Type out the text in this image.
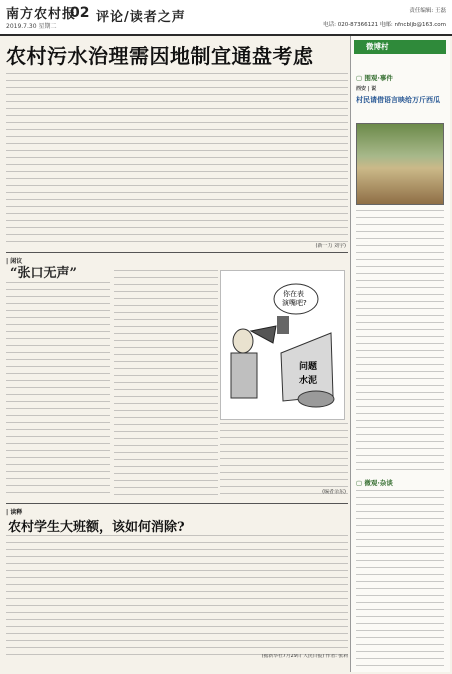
南方农村报
2019.7.30 星期二
02 评论/读者之声	责任编辑: 王磊
电话: 020-87366121 电邮: nfncbljb@163.com
农村污水治理需因地制宜通盘考虑
(新一力 刘宇)
| 闲议
“张口无声”
你在表
演嘴吧?
问题
水泥
(编者余东)
| 读释
农村学生大班额，该如何消除?
(据新华社7月29日 人民日报) 作者: 张莉
微博村
▢ 围观·事件
西安 | 说
村民请借语言映给万斤西瓜
▢ 微观·杂谈
